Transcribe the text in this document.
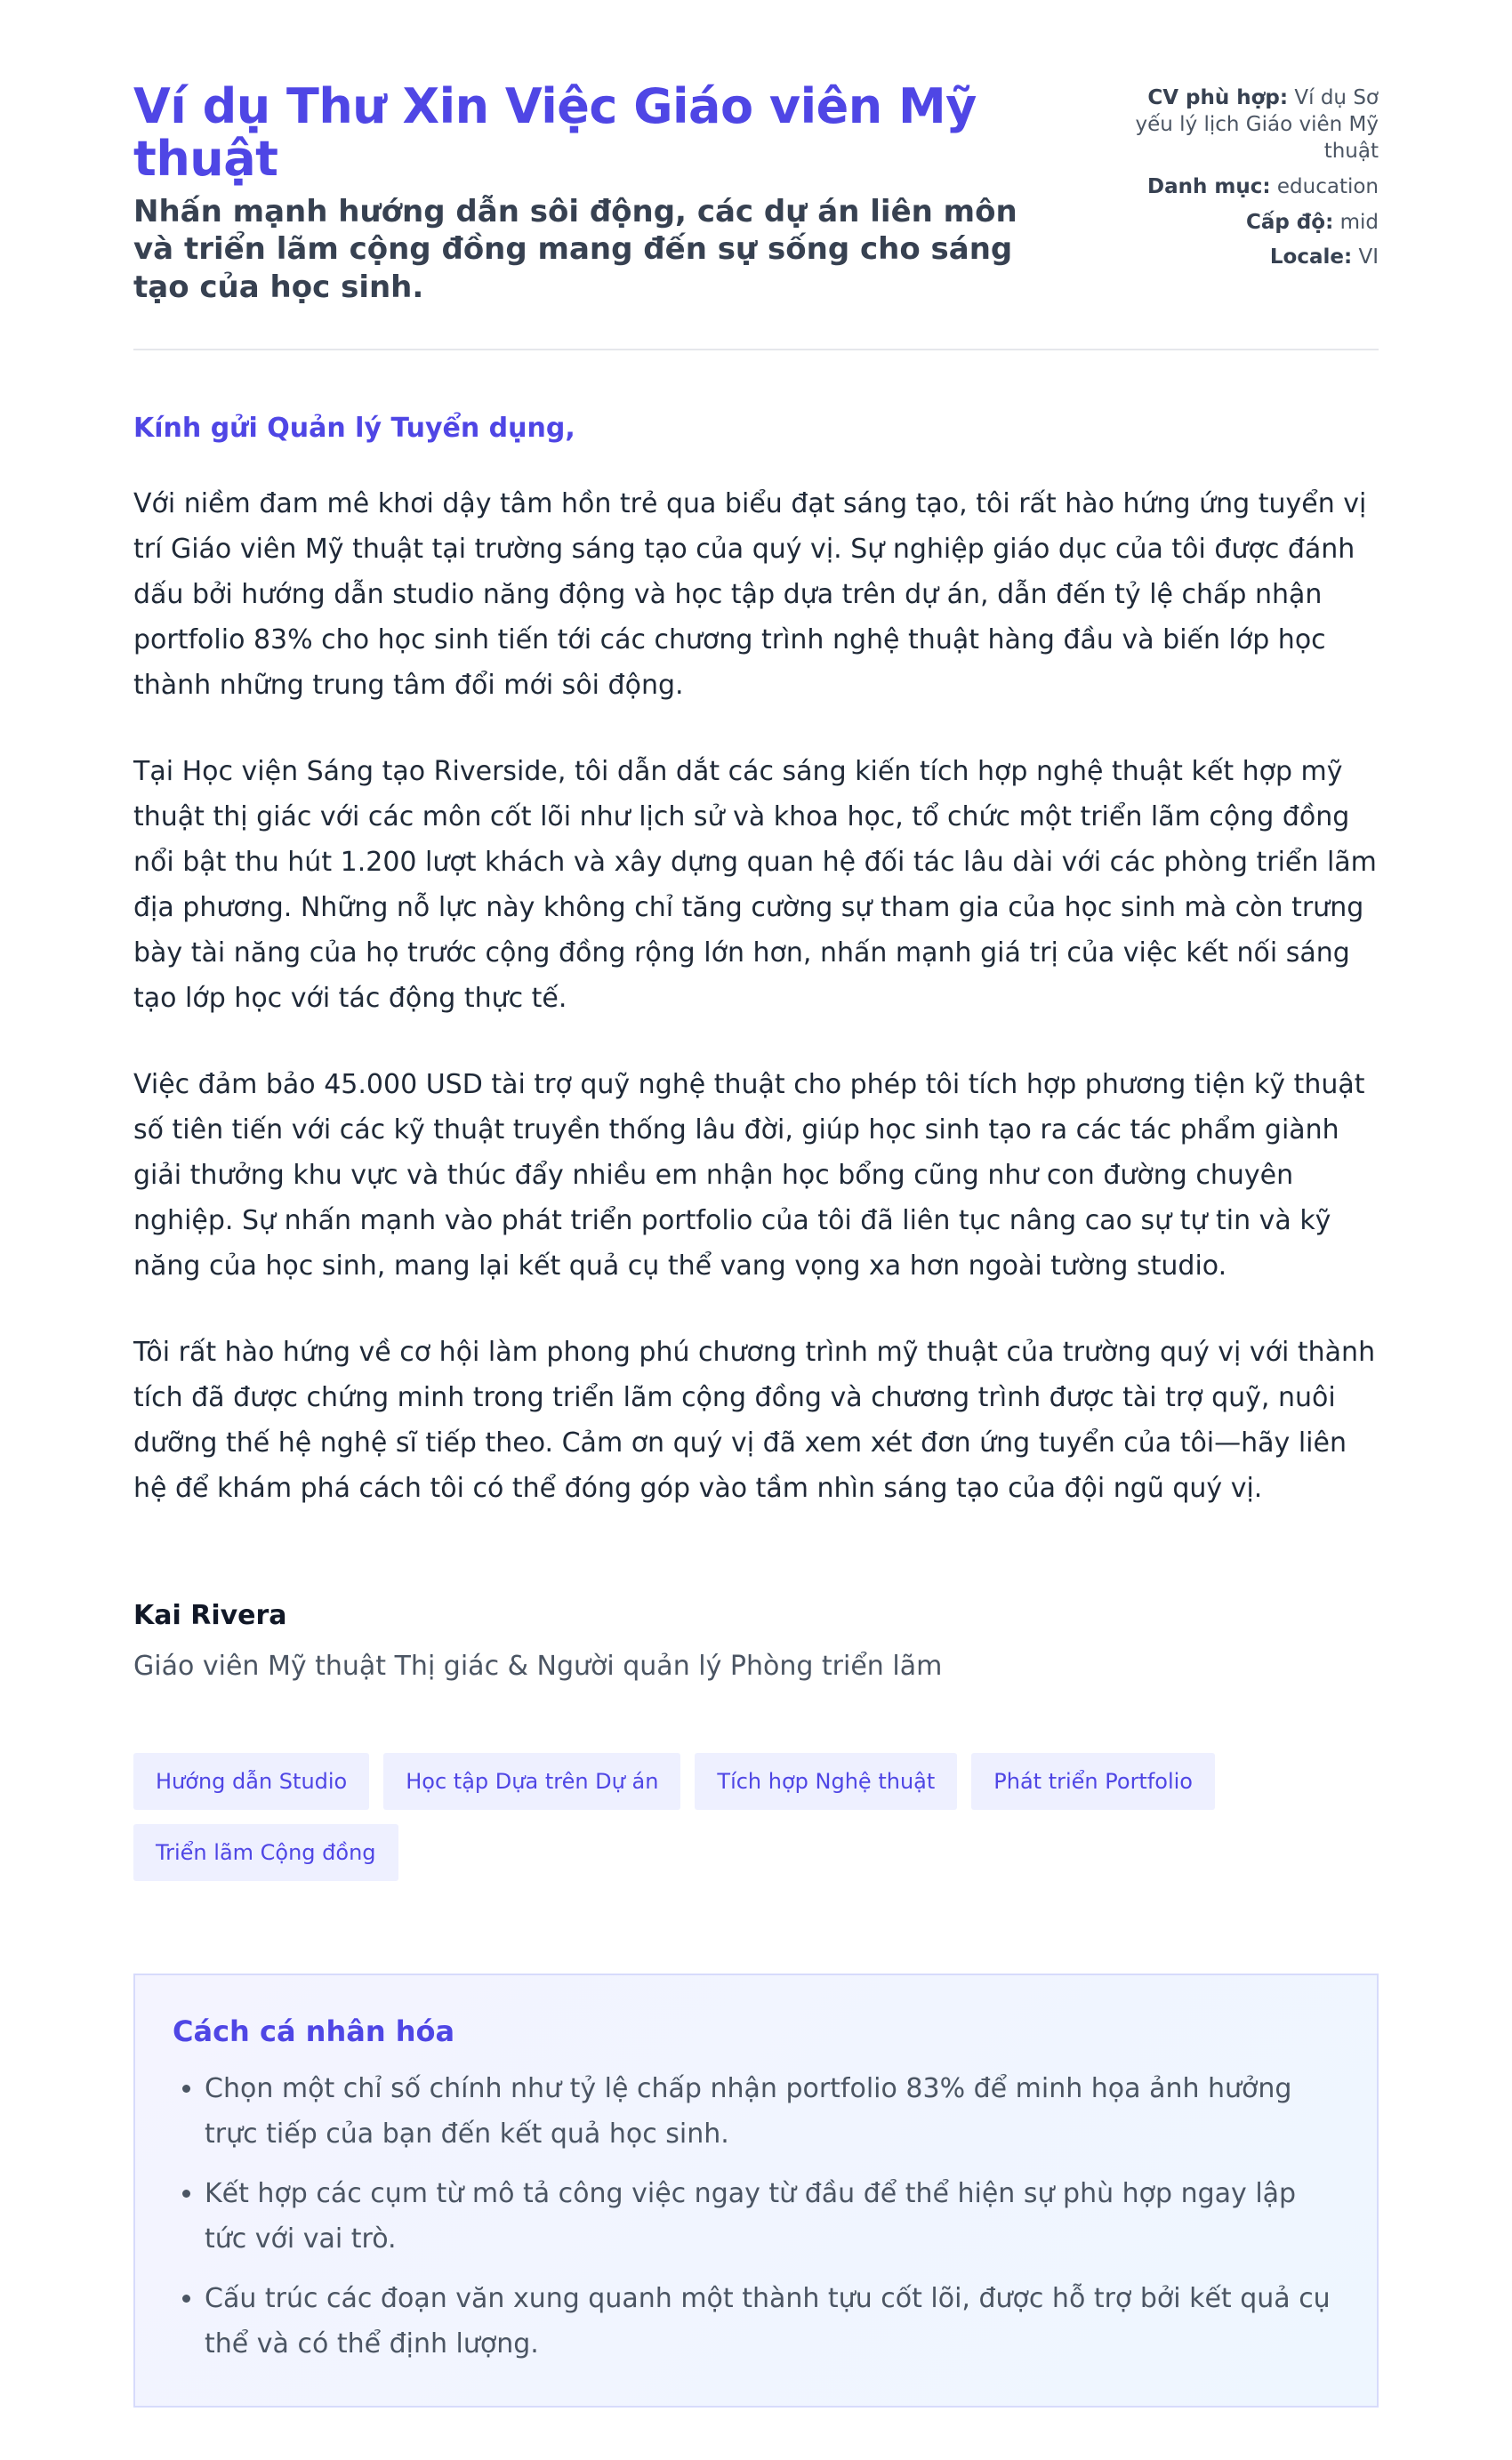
Ví dụ Thư Xin Việc Giáo viên Mỹ thuật

Nhấn mạnh hướng dẫn sôi động, các dự án liên môn và triển lãm cộng đồng mang đến sự sống cho sáng tạo của học sinh.

CV phù hợp: Ví dụ Sơ yếu lý lịch Giáo viên Mỹ thuật
Danh mục: education
Cấp độ: mid
Locale: VI
Kính gửi Quản lý Tuyển dụng,

Với niềm đam mê khơi dậy tâm hồn trẻ qua biểu đạt sáng tạo, tôi rất hào hứng ứng tuyển vị trí Giáo viên Mỹ thuật tại trường sáng tạo của quý vị. Sự nghiệp giáo dục của tôi được đánh dấu bởi hướng dẫn studio năng động và học tập dựa trên dự án, dẫn đến tỷ lệ chấp nhận portfolio 83% cho học sinh tiến tới các chương trình nghệ thuật hàng đầu và biến lớp học thành những trung tâm đổi mới sôi động.

Tại Học viện Sáng tạo Riverside, tôi dẫn dắt các sáng kiến tích hợp nghệ thuật kết hợp mỹ thuật thị giác với các môn cốt lõi như lịch sử và khoa học, tổ chức một triển lãm cộng đồng nổi bật thu hút 1.200 lượt khách và xây dựng quan hệ đối tác lâu dài với các phòng triển lãm địa phương. Những nỗ lực này không chỉ tăng cường sự tham gia của học sinh mà còn trưng bày tài năng của họ trước cộng đồng rộng lớn hơn, nhấn mạnh giá trị của việc kết nối sáng tạo lớp học với tác động thực tế.

Việc đảm bảo 45.000 USD tài trợ quỹ nghệ thuật cho phép tôi tích hợp phương tiện kỹ thuật số tiên tiến với các kỹ thuật truyền thống lâu đời, giúp học sinh tạo ra các tác phẩm giành giải thưởng khu vực và thúc đẩy nhiều em nhận học bổng cũng như con đường chuyên nghiệp. Sự nhấn mạnh vào phát triển portfolio của tôi đã liên tục nâng cao sự tự tin và kỹ năng của học sinh, mang lại kết quả cụ thể vang vọng xa hơn ngoài tường studio.

Tôi rất hào hứng về cơ hội làm phong phú chương trình mỹ thuật của trường quý vị với thành tích đã được chứng minh trong triển lãm cộng đồng và chương trình được tài trợ quỹ, nuôi dưỡng thế hệ nghệ sĩ tiếp theo. Cảm ơn quý vị đã xem xét đơn ứng tuyển của tôi—hãy liên hệ để khám phá cách tôi có thể đóng góp vào tầm nhìn sáng tạo của đội ngũ quý vị.

Kai Rivera
Giáo viên Mỹ thuật Thị giác & Người quản lý Phòng triển lãm
Hướng dẫn Studio	Học tập Dựa trên Dự án	Tích hợp Nghệ thuật	Phát triển Portfolio
Triển lãm Cộng đồng
Cách cá nhân hóa
• Chọn một chỉ số chính như tỷ lệ chấp nhận portfolio 83% để minh họa ảnh hưởng trực tiếp của bạn đến kết quả học sinh.
• Kết hợp các cụm từ mô tả công việc ngay từ đầu để thể hiện sự phù hợp ngay lập tức với vai trò.
• Cấu trúc các đoạn văn xung quanh một thành tựu cốt lõi, được hỗ trợ bởi kết quả cụ thể và có thể định lượng.
